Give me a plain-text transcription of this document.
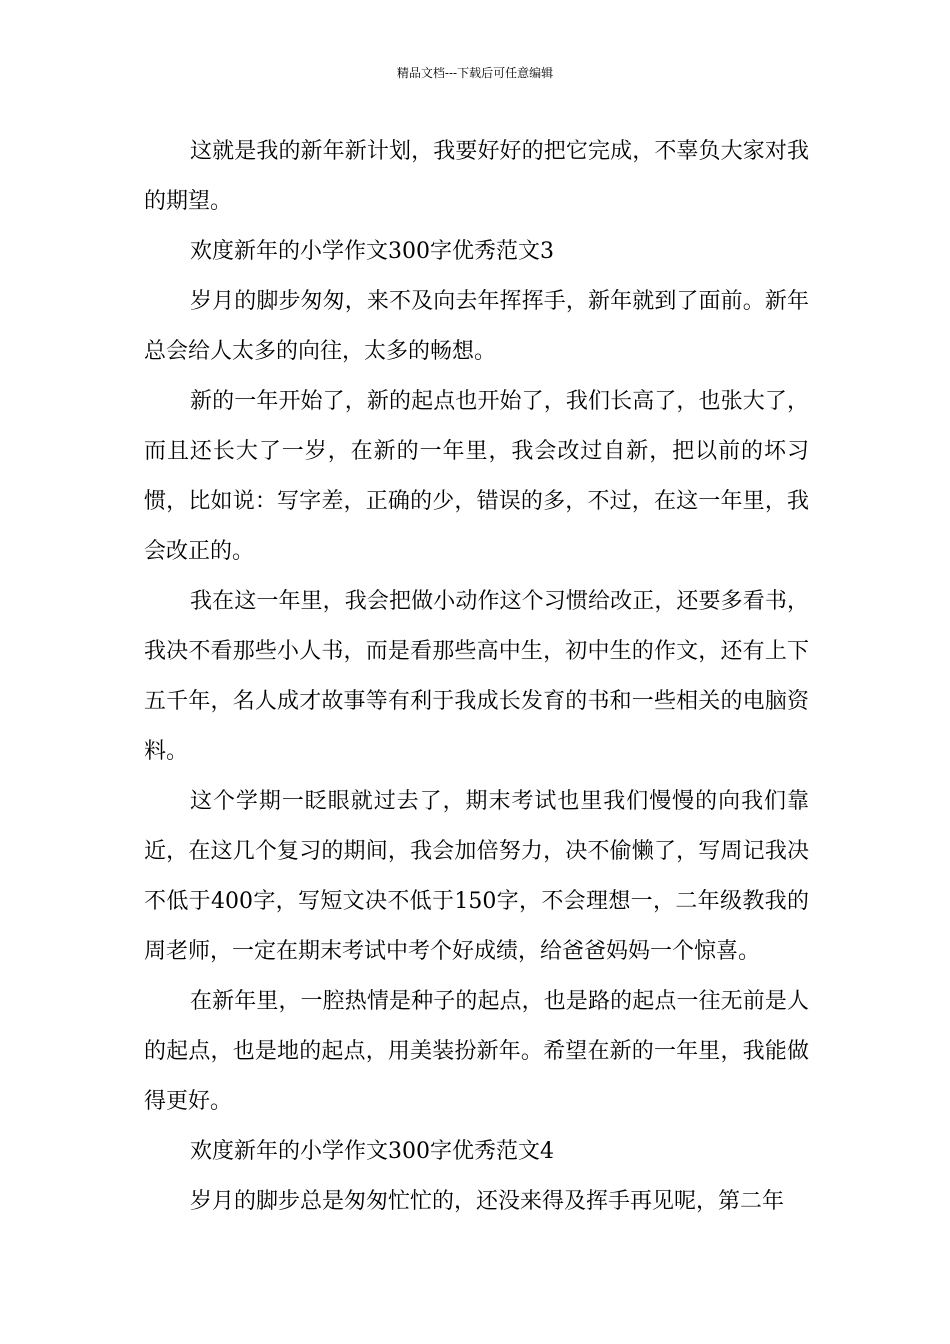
精品文档---下载后可任意编辑

这就是我的新年新计划，我要好好的把它完成，不辜负大家对我的期望。

欢度新年的小学作文300字优秀范文3

岁月的脚步匆匆，来不及向去年挥挥手，新年就到了面前。新年总会给人太多的向往，太多的畅想。

新的一年开始了，新的起点也开始了，我们长高了，也张大了，而且还长大了一岁，在新的一年里，我会改过自新，把以前的坏习惯，比如说：写字差，正确的少，错误的多，不过，在这一年里，我会改正的。

我在这一年里，我会把做小动作这个习惯给改正，还要多看书，我决不看那些小人书，而是看那些高中生，初中生的作文，还有上下五千年，名人成才故事等有利于我成长发育的书和一些相关的电脑资料。

这个学期一眨眼就过去了，期末考试也里我们慢慢的向我们靠近，在这几个复习的期间，我会加倍努力，决不偷懒了，写周记我决不低于400字，写短文决不低于150字，不会理想一，二年级教我的周老师，一定在期末考试中考个好成绩，给爸爸妈妈一个惊喜。

在新年里，一腔热情是种子的起点，也是路的起点一往无前是人的起点，也是地的起点，用美装扮新年。希望在新的一年里，我能做得更好。

欢度新年的小学作文300字优秀范文4

岁月的脚步总是匆匆忙忙的，还没来得及挥手再见呢，第二年
